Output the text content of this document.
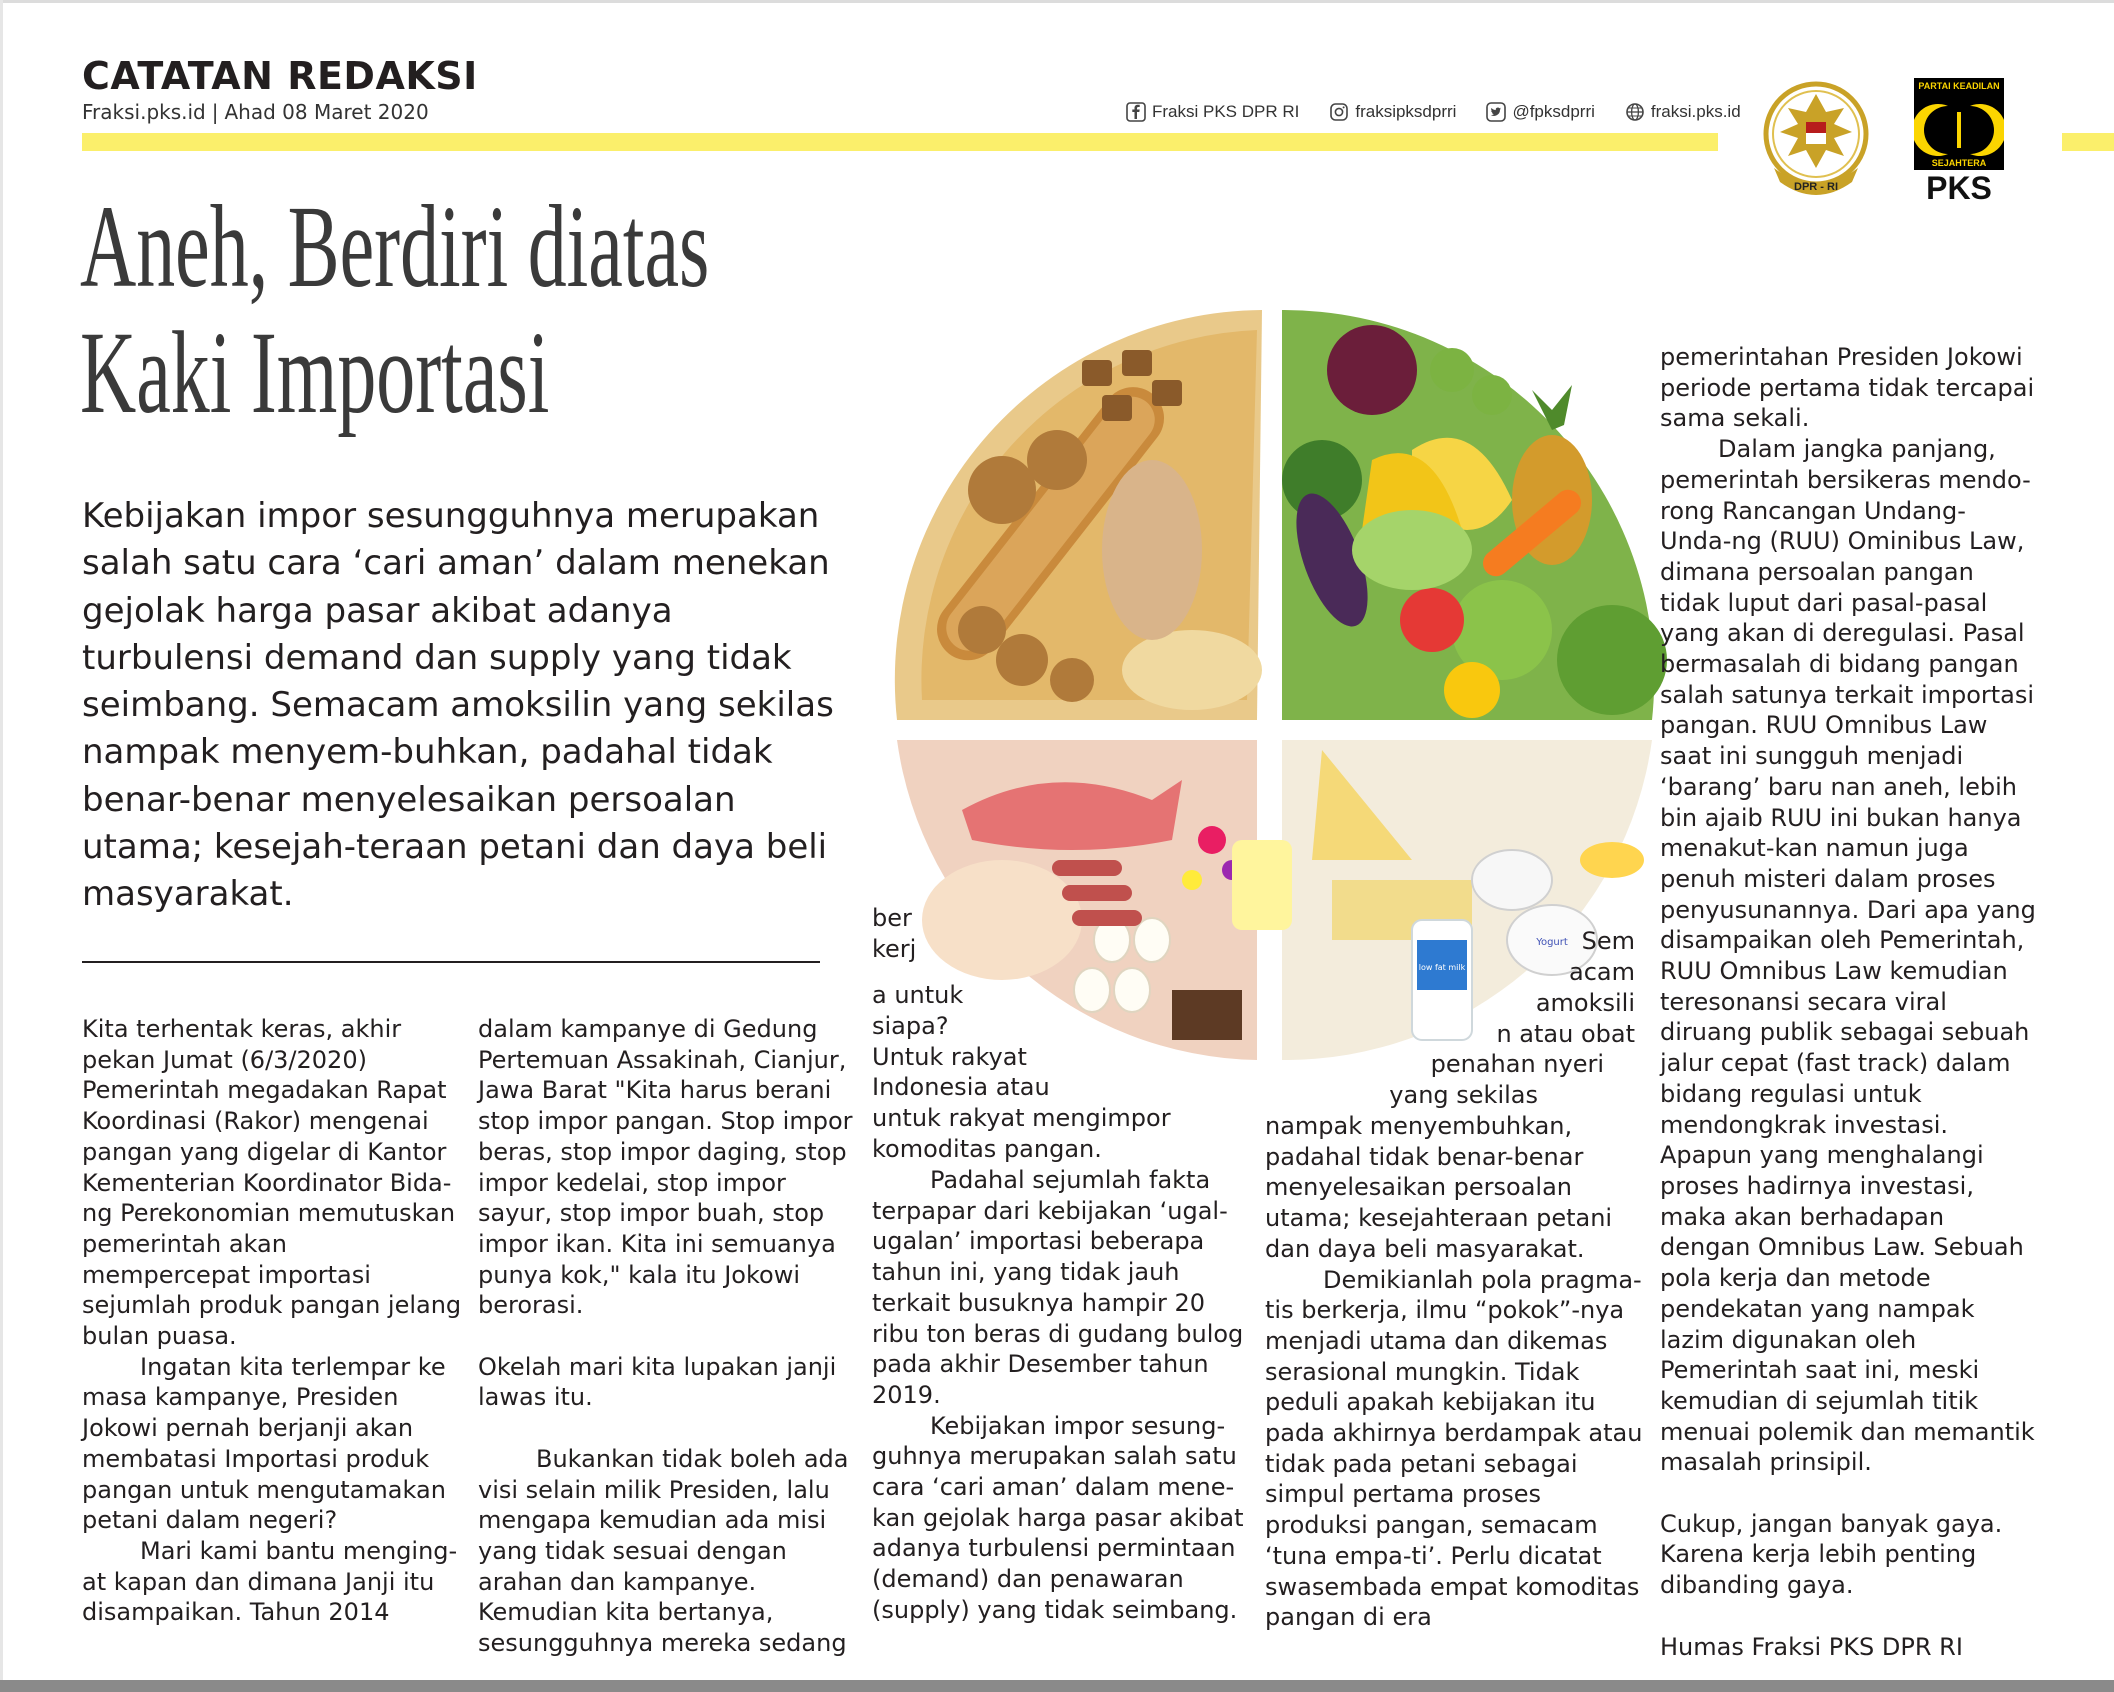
CATATAN REDAKSI
Fraksi.pks.id | Ahad 08 Maret 2020	Fraksi PKS DPR RI	fraksipksdprri	@fpksdprri	fraksi.pks.id
DPR - RI
PARTAI KEADILAN
SEJAHTERA
PKS
Aneh, Berdiri diatas
Kaki Importasi
Kebijakan impor sesungguhnya merupakan salah satu cara ‘cari aman’ dalam menekan gejolak harga pasar akibat adanya turbulensi demand dan supply yang tidak seimbang. Semacam amoksilin yang sekilas nampak menyem-buhkan, padahal tidak benar-benar menyelesaikan persoalan utama; kesejah-teraan petani dan daya beli masyarakat.
low fat milk
Yogurt

Kita terhentak keras, akhir pekan Jumat (6/3/2020) Pemerintah megadakan Rapat Koordinasi (Rakor) mengenai pangan yang digelar di Kantor Kementerian Koordinator Bida-ng Perekonomian memutuskan pemerintah akan mempercepat importasi sejumlah produk pangan jelang bulan puasa.

Ingatan kita terlempar ke masa kampanye, Presiden Jokowi pernah berjanji akan membatasi Importasi produk pangan untuk mengutamakan petani dalam negeri?

Mari kami bantu menging-at kapan dan dimana Janji itu disampaikan. Tahun 2014

dalam kampanye di Gedung Pertemuan Assakinah, Cianjur, Jawa Barat "Kita harus berani stop impor pangan. Stop impor beras, stop impor daging, stop impor kedelai, stop impor sayur, stop impor buah, stop impor ikan. Kita ini semuanya punya kok," kala itu Jokowi berorasi.

Okelah mari kita lupakan janji lawas itu.

Bukankan tidak boleh ada visi selain milik Presiden, lalu mengapa kemudian ada misi yang tidak sesuai dengan arahan dan kampanye. Kemudian kita bertanya, sesungguhnya mereka sedang

ber
kerj
a untuk
siapa?
Untuk rakyat
Indonesia atau
untuk rakyat mengimpor
komoditas pangan.

Padahal sejumlah fakta terpapar dari kebijakan ‘ugal-ugalan’ importasi beberapa tahun ini, yang tidak jauh terkait busuknya hampir 20 ribu ton beras di gudang bulog pada akhir Desember tahun 2019.

Kebijakan impor sesung-guhnya merupakan salah satu cara ‘cari aman’ dalam mene-kan gejolak harga pasar akibat adanya turbulensi permintaan (demand) dan penawaran (supply) yang tidak seimbang.

Sem
acam
amoksili
n atau obat
penahan nyeri
yang sekilas

nampak menyembuhkan, padahal tidak benar-benar menyelesaikan persoalan utama; kesejahteraan petani dan daya beli masyarakat.

Demikianlah pola pragma-tis berkerja, ilmu “pokok”-nya menjadi utama dan dikemas serasional mungkin. Tidak peduli apakah kebijakan itu pada akhirnya berdampak atau tidak pada petani sebagai simpul pertama proses produksi pangan, semacam ‘tuna empa-ti’. Perlu dicatat swasembada empat komoditas pangan di era

pemerintahan Presiden Jokowi periode pertama tidak tercapai sama sekali.

Dalam jangka panjang, pemerintah bersikeras mendo-rong Rancangan Undang- Unda-ng (RUU) Ominibus Law, dimana persoalan pangan tidak luput dari pasal-pasal yang akan di deregulasi. Pasal bermasalah di bidang pangan salah satunya terkait importasi pangan. RUU Omnibus Law saat ini sungguh menjadi ‘barang’ baru nan aneh, lebih bin ajaib RUU ini bukan hanya menakut-kan namun juga penuh misteri dalam proses penyusunannya. Dari apa yang disampaikan oleh Pemerintah, RUU Omnibus Law kemudian teresonansi secara viral diruang publik sebagai sebuah jalur cepat (fast track) dalam bidang regulasi untuk mendongkrak investasi. Apapun yang menghalangi proses hadirnya investasi, maka akan berhadapan dengan Omnibus Law. Sebuah pola kerja dan metode pendekatan yang nampak lazim digunakan oleh Pemerintah saat ini, meski kemudian di sejumlah titik menuai polemik dan memantik masalah prinsipil.

Cukup, jangan banyak gaya. Karena kerja lebih penting dibanding gaya.

Humas Fraksi PKS DPR RI
